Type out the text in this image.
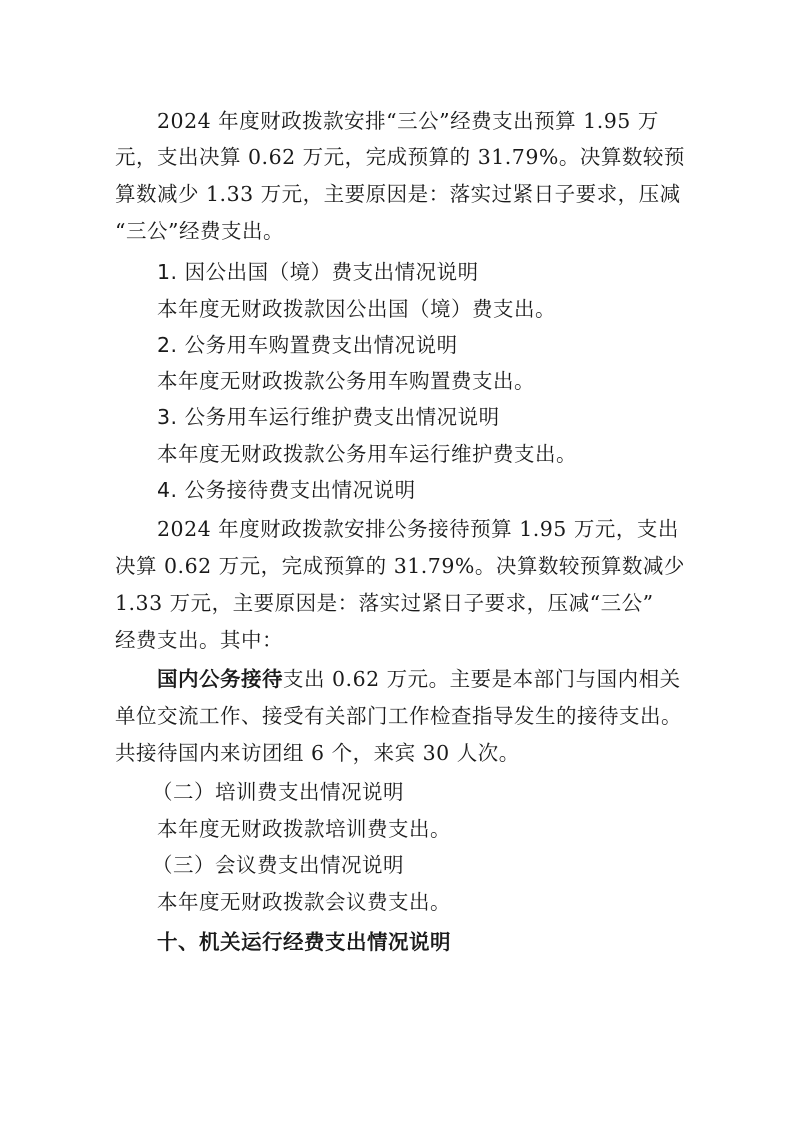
2024 年度财政拨款安排“三公”经费支出预算 1.95 万
元，支出决算 0.62 万元，完成预算的 31.79%。决算数较预
算数减少 1.33 万元，主要原因是：落实过紧日子要求，压减
“三公”经费支出。
1. 因公出国（境）费支出情况说明
本年度无财政拨款因公出国（境）费支出。
2. 公务用车购置费支出情况说明
本年度无财政拨款公务用车购置费支出。
3. 公务用车运行维护费支出情况说明
本年度无财政拨款公务用车运行维护费支出。
4. 公务接待费支出情况说明
2024 年度财政拨款安排公务接待预算 1.95 万元，支出
决算 0.62 万元，完成预算的 31.79%。决算数较预算数减少
1.33 万元，主要原因是：落实过紧日子要求，压减“三公”
经费支出。其中：
国内公务接待支出 0.62 万元。主要是本部门与国内相关
单位交流工作、接受有关部门工作检查指导发生的接待支出。
共接待国内来访团组 6 个，来宾 30 人次。
（二）培训费支出情况说明
本年度无财政拨款培训费支出。
（三）会议费支出情况说明
本年度无财政拨款会议费支出。
十、机关运行经费支出情况说明
